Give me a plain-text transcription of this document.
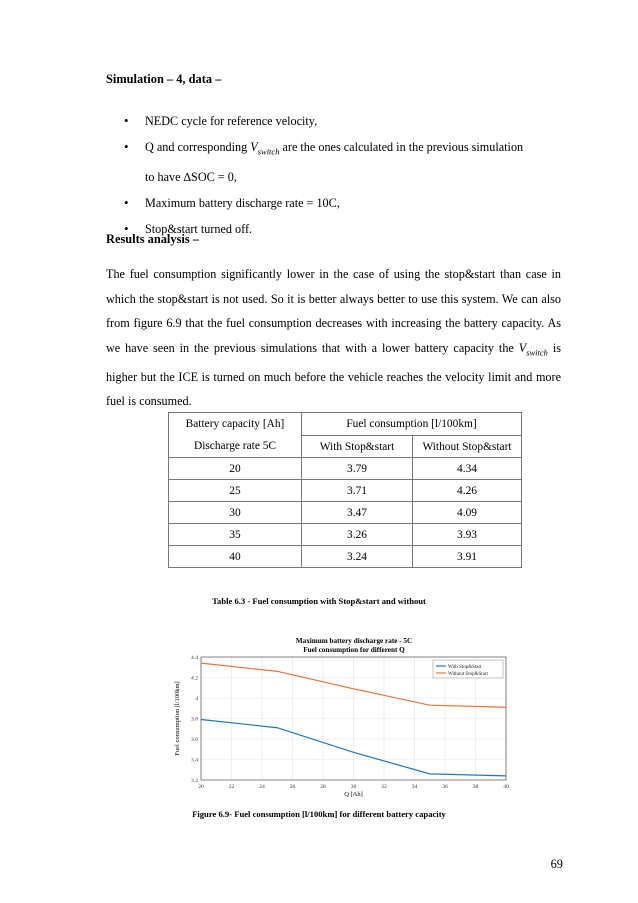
Simulation – 4, data –
• NEDC cycle for reference velocity,
• Q and corresponding $V_{switch}$ are the ones calculated in the previous simulation
to have ∆SOC = 0,
• Maximum battery discharge rate = 10C,
• Stop&start turned off.
Results analysis –

The fuel consumption significantly lower in the case of using the stop&start than case in which the stop&start is not used. So it is better always better to use this system. We can also from figure 6.9 that the fuel consumption decreases with increasing the battery capacity. As we have seen in the previous simulations that with a lower battery capacity the $V_{switch}$ is higher but the ICE is turned on much before the vehicle reaches the velocity limit and more fuel is consumed.

Battery capacity [Ah]	Fuel consumption [l/100km]	
Discharge rate 5C	With Stop&start	Without Stop&start
20	3.79	4.34
25	3.71	4.26
30	3.47	4.09
35	3.26	3.93
40	3.24	3.91
Table 6.3 - Fuel consumption with Stop&start and without
Maximum battery discharge rate - 5C
Fuel consumption for different Q
20	22	24	26	28	30	32	34	36	38	40
3.2
3.4
3.6
3.8
4
4.2
4.4
Q [Ah]
Fuel consumption [l/100km]
With Stop&Start
Without Stop&Start
Figure 6.9- Fuel consumption [l/100km] for different battery capacity
69
